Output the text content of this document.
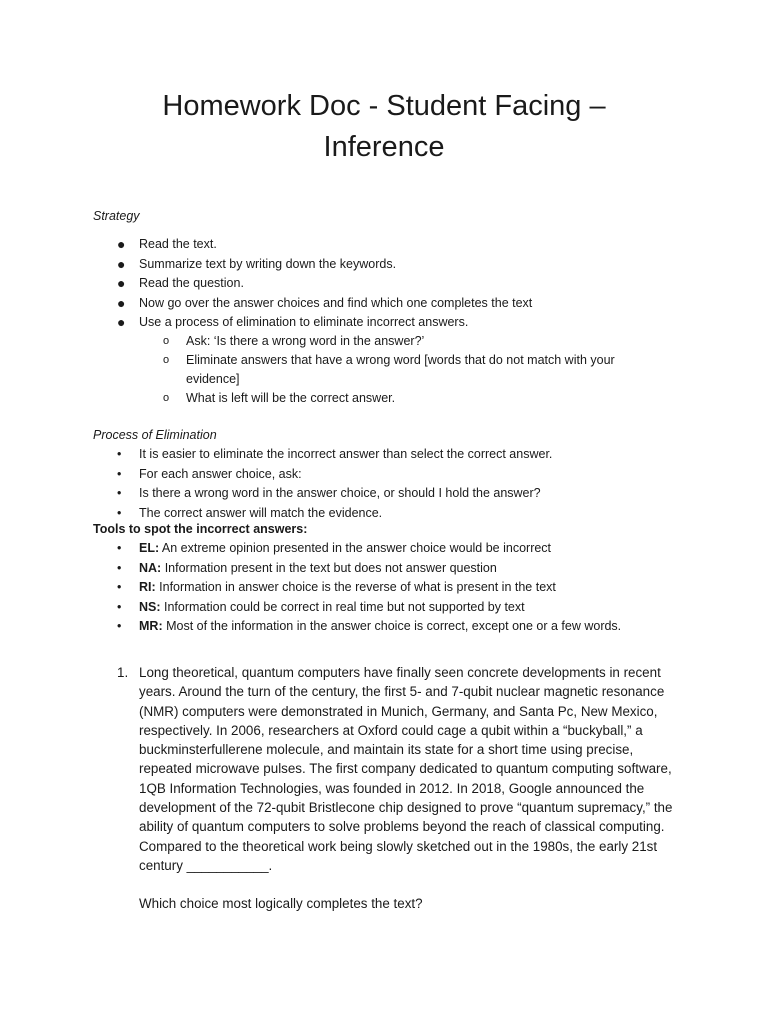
Homework Doc - Student Facing –
Inference

Strategy

● Read the text.
● Summarize text by writing down the keywords.
● Read the question.
● Now go over the answer choices and find which one completes the text
● Use a process of elimination to eliminate incorrect answers.
o Ask: ‘Is there a wrong word in the answer?’
o Eliminate answers that have a wrong word [words that do not match with your evidence]
o What is left will be the correct answer.

Process of Elimination

• It is easier to eliminate the incorrect answer than select the correct answer.
• For each answer choice, ask:
• Is there a wrong word in the answer choice, or should I hold the answer?
• The correct answer will match the evidence.

Tools to spot the incorrect answers:

• EL: An extreme opinion presented in the answer choice would be incorrect
• NA: Information present in the text but does not answer question
• RI: Information in answer choice is the reverse of what is present in the text
• NS: Information could be correct in real time but not supported by text
• MR: Most of the information in the answer choice is correct, except one or a few words.
1. Long theoretical, quantum computers have finally seen concrete developments in recent years. Around the turn of the century, the first 5- and 7-qubit nuclear magnetic resonance (NMR) computers were demonstrated in Munich, Germany, and Santa Pc, New Mexico, respectively. In 2006, researchers at Oxford could cage a qubit within a “buckyball,” a buckminsterfullerene molecule, and maintain its state for a short time using precise, repeated microwave pulses. The first company dedicated to quantum computing software, 1QB Information Technologies, was founded in 2012. In 2018, Google announced the development of the 72-qubit Bristlecone chip designed to prove “quantum supremacy,” the ability of quantum computers to solve problems beyond the reach of classical computing. Compared to the theoretical work being slowly sketched out in the 1980s, the early 21st century ___________.
Which choice most logically completes the text?
